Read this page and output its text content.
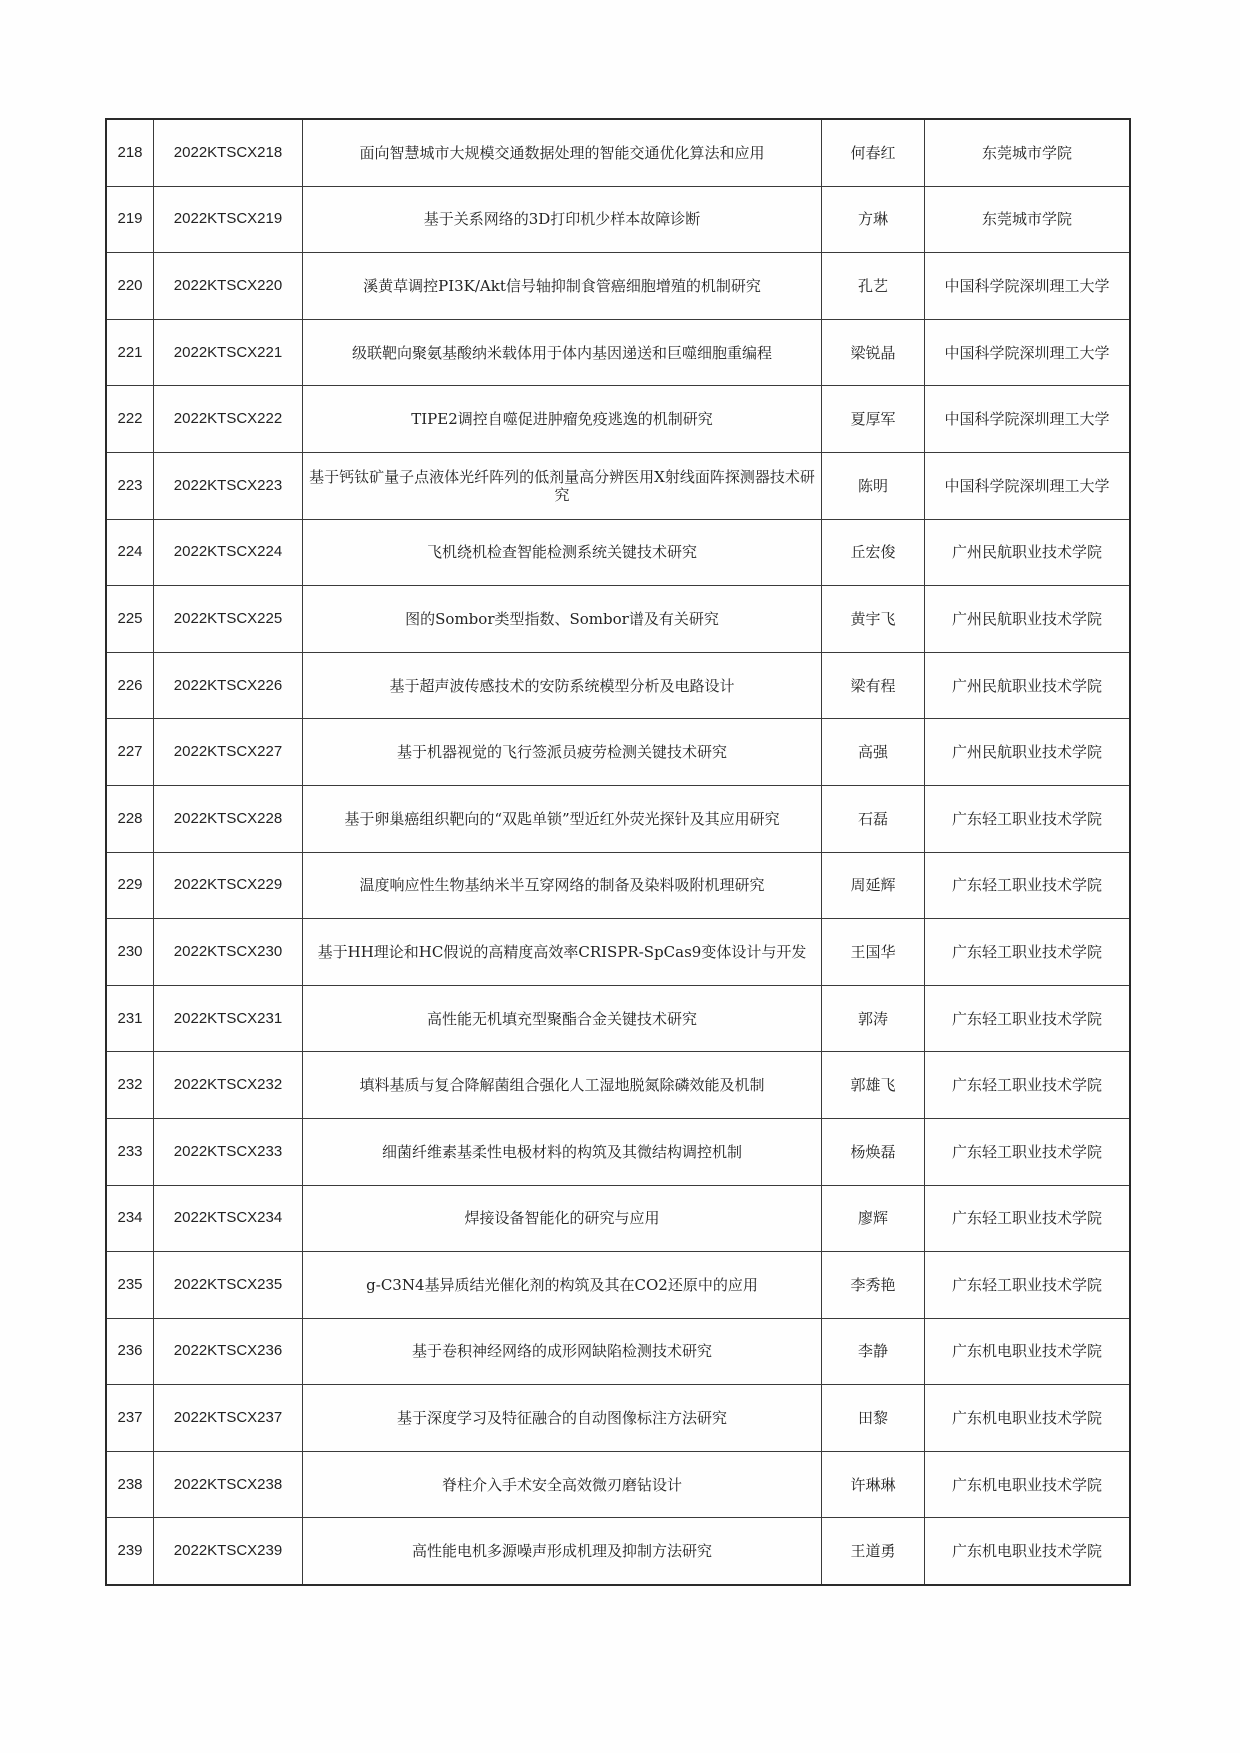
218	2022KTSCX218	面向智慧城市大规模交通数据处理的智能交通优化算法和应用	何春红	东莞城市学院
219	2022KTSCX219	基于关系网络的3D打印机少样本故障诊断	方琳	东莞城市学院
220	2022KTSCX220	溪黄草调控PI3K/Akt信号轴抑制食管癌细胞增殖的机制研究	孔艺	中国科学院深圳理工大学
221	2022KTSCX221	级联靶向聚氨基酸纳米载体用于体内基因递送和巨噬细胞重编程	梁锐晶	中国科学院深圳理工大学
222	2022KTSCX222	TIPE2调控自噬促进肿瘤免疫逃逸的机制研究	夏厚军	中国科学院深圳理工大学
223	2022KTSCX223	基于钙钛矿量子点液体光纤阵列的低剂量高分辨医用X射线面阵探测器技术研究	陈明	中国科学院深圳理工大学
224	2022KTSCX224	飞机绕机检查智能检测系统关键技术研究	丘宏俊	广州民航职业技术学院
225	2022KTSCX225	图的Sombor类型指数、Sombor谱及有关研究	黄宇飞	广州民航职业技术学院
226	2022KTSCX226	基于超声波传感技术的安防系统模型分析及电路设计	梁有程	广州民航职业技术学院
227	2022KTSCX227	基于机器视觉的飞行签派员疲劳检测关键技术研究	高强	广州民航职业技术学院
228	2022KTSCX228	基于卵巢癌组织靶向的“双匙单锁”型近红外荧光探针及其应用研究	石磊	广东轻工职业技术学院
229	2022KTSCX229	温度响应性生物基纳米半互穿网络的制备及染料吸附机理研究	周延辉	广东轻工职业技术学院
230	2022KTSCX230	基于HH理论和HC假说的高精度高效率CRISPR-SpCas9变体设计与开发	王国华	广东轻工职业技术学院
231	2022KTSCX231	高性能无机填充型聚酯合金关键技术研究	郭涛	广东轻工职业技术学院
232	2022KTSCX232	填料基质与复合降解菌组合强化人工湿地脱氮除磷效能及机制	郭雄飞	广东轻工职业技术学院
233	2022KTSCX233	细菌纤维素基柔性电极材料的构筑及其微结构调控机制	杨焕磊	广东轻工职业技术学院
234	2022KTSCX234	焊接设备智能化的研究与应用	廖辉	广东轻工职业技术学院
235	2022KTSCX235	g-C3N4基异质结光催化剂的构筑及其在CO2还原中的应用	李秀艳	广东轻工职业技术学院
236	2022KTSCX236	基于卷积神经网络的成形网缺陷检测技术研究	李静	广东机电职业技术学院
237	2022KTSCX237	基于深度学习及特征融合的自动图像标注方法研究	田黎	广东机电职业技术学院
238	2022KTSCX238	脊柱介入手术安全高效微刃磨钻设计	许琳琳	广东机电职业技术学院
239	2022KTSCX239	高性能电机多源噪声形成机理及抑制方法研究	王道勇	广东机电职业技术学院
